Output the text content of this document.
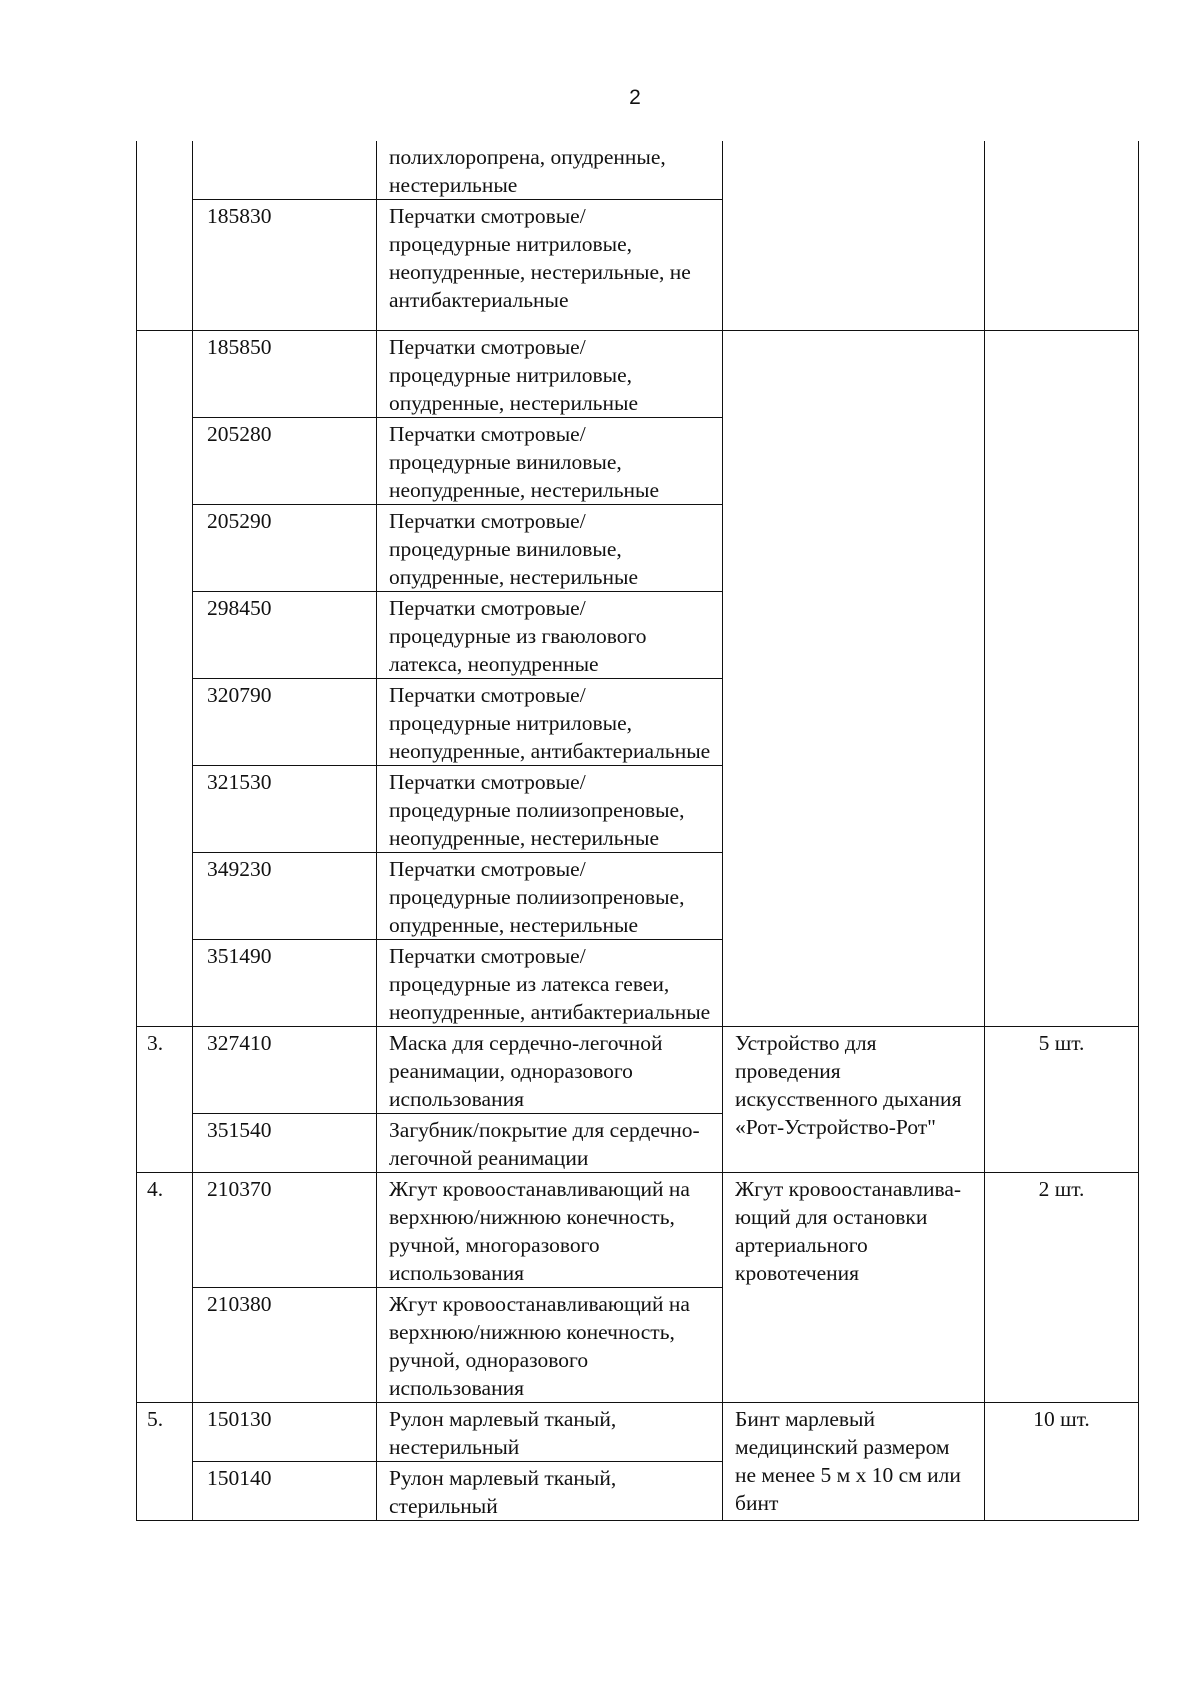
2
		полихлоропрена, опудренные, нестерильные		
	185830	Перчатки смотровые/ процедурные нитриловые, неопудренные, нестерильные, не антибактериальные		
	185850	Перчатки смотровые/ процедурные нитриловые, опудренные, нестерильные		
	205280	Перчатки смотровые/ процедурные виниловые, неопудренные, нестерильные		
	205290	Перчатки смотровые/ процедурные виниловые, опудренные, нестерильные		
	298450	Перчатки смотровые/ процедурные из гваюлового латекса, неопудренные		
	320790	Перчатки смотровые/ процедурные нитриловые, неопудренные, антибактериальные		
	321530	Перчатки смотровые/ процедурные полиизопреновые, неопудренные, нестерильные		
	349230	Перчатки смотровые/ процедурные полиизопреновые, опудренные, нестерильные		
	351490	Перчатки смотровые/ процедурные из латекса гевеи, неопудренные, антибактериальные		
3.	327410	Маска для сердечно-легочной реанимации, одноразового использования	Устройство для проведения искусственного дыхания «Рот-Устройство-Рот"	5 шт.
	351540	Загубник/покрытие для сердечно-легочной реанимации		
4.	210370	Жгут кровоостанавливающий на верхнюю/нижнюю конечность, ручной, многоразового использования	Жгут кровоостанавлива-ющий для остановки артериального кровотечения	2 шт.
	210380	Жгут кровоостанавливающий на верхнюю/нижнюю конечность, ручной, одноразового использования		
5.	150130	Рулон марлевый тканый, нестерильный	Бинт марлевый медицинский размером не менее 5 м х 10 см или бинт	10 шт.
	150140	Рулон марлевый тканый, стерильный		
